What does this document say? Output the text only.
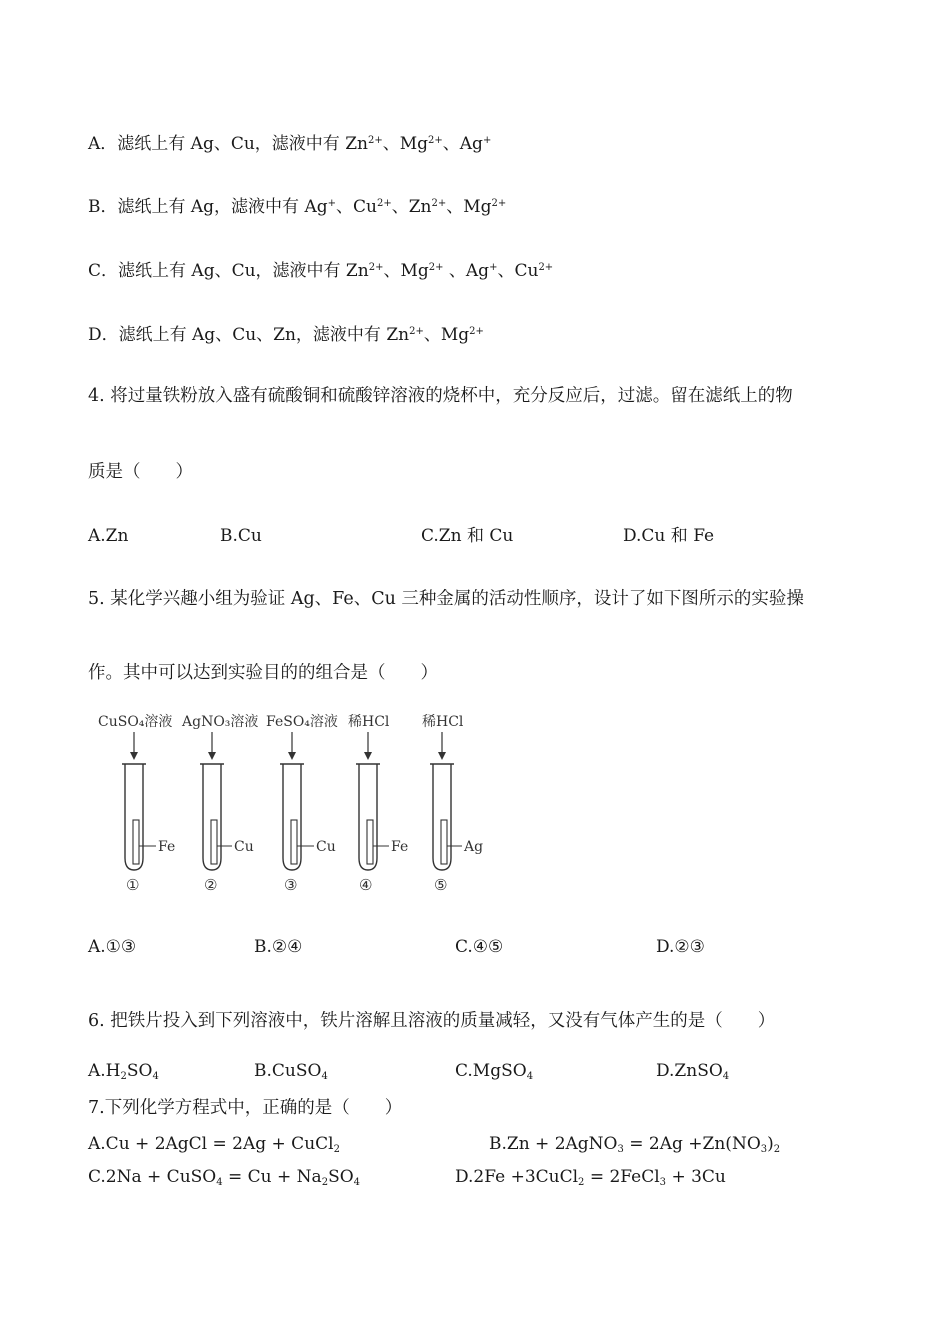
A．滤纸上有 Ag、Cu，滤液中有 $Zn^{2+}$、$Mg^{2+}$、Ag+
B．滤纸上有 Ag，滤液中有 Ag+、$Cu^{2+}$、$Zn^{2+}$、$Mg^{2+}$
C．滤纸上有 Ag、Cu，滤液中有 $Zn^{2+}$、$Mg^{2+}$ 、Ag+、$Cu^{2+}$
D．滤纸上有 Ag、Cu、Zn，滤液中有 $Zn^{2+}$、$Mg^{2+}$
4. 将过量铁粉放入盛有硫酸铜和硫酸锌溶液的烧杯中，充分反应后，过滤。留在滤纸上的物
质是（　　）
A.Zn	B.Cu	C.Zn 和 Cu	D.Cu 和 Fe
5. 某化学兴趣小组为验证 Ag、Fe、Cu 三种金属的活动性顺序，设计了如下图所示的实验操
作。其中可以达到实验目的的组合是（　　）
CuSO₄溶液
Fe
①
AgNO₃溶液
Cu
②
FeSO₄溶液
Cu
③
稀HCl
Fe
④
稀HCl
Ag
⑤
A.①③	B.②④	C.④⑤	D.②③
6. 把铁片投入到下列溶液中，铁片溶解且溶液的质量减轻，又没有气体产生的是（　　）
$A.H_2SO_4$	B.CuSO$_4$	C.MgSO$_4$	D.ZnSO$_4$
7.下列化学方程式中，正确的是（　　）
A.Cu + 2AgCl = 2Ag + CuCl$_2$	B.Zn + 2AgNO$_3$ = $2Ag +Zn(NO_3)_2$
C.2Na + CuSO$_4$ = $Cu + Na_2SO_4$	D.2Fe +3CuCl$_2$ = 2FeCl$_3$ + 3Cu
